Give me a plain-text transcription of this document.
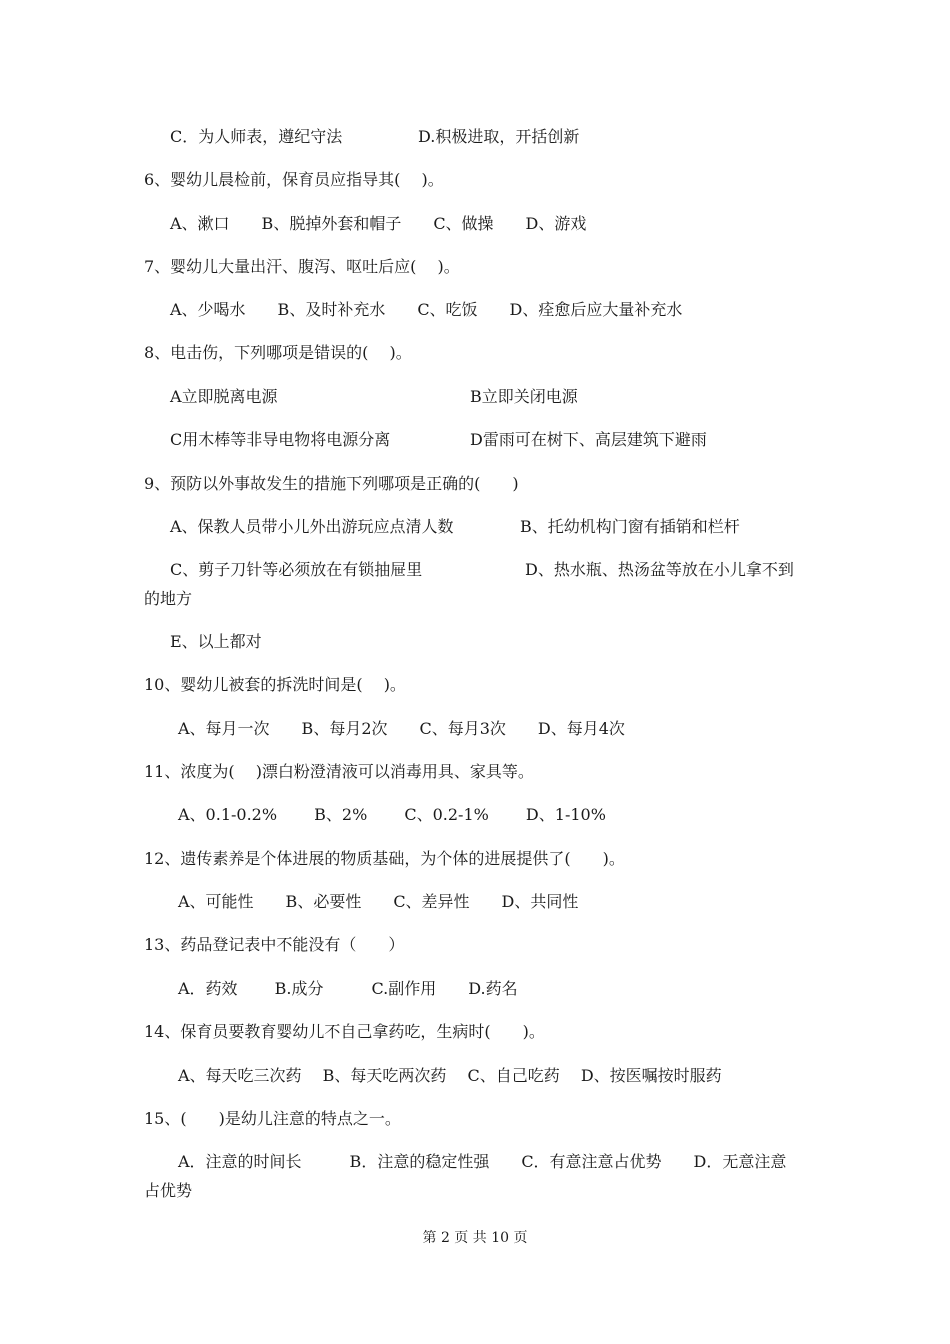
C．为人师表，遵纪守法	D.积极进取，开括创新
6、婴幼儿晨检前，保育员应指导其(　 )。
A、漱口　　B、脱掉外套和帽子　　C、做操　　D、游戏
7、婴幼儿大量出汗、腹泻、呕吐后应(　 )。
A、少喝水　　B、及时补充水　　C、吃饭　　D、痊愈后应大量补充水
8、电击伤，下列哪项是错误的(　 )。
A立即脱离电源	B立即关闭电源
C用木棒等非导电物将电源分离	D雷雨可在树下、高层建筑下避雨
9、预防以外事故发生的措施下列哪项是正确的(　　)
A、保教人员带小儿外出游玩应点清人数	B、托幼机构门窗有插销和栏杆
C、剪子刀针等必须放在有锁抽屉里	D、热水瓶、热汤盆等放在小儿拿不到
的地方
E、以上都对
10、婴幼儿被套的拆洗时间是(　 )。
A、每月一次　　B、每月2次　　C、每月3次　　D、每月4次
11、浓度为(　 )漂白粉澄清液可以消毒用具、家具等。
A、0.1-0.2%　　 B、2%　　 C、0.2-1%　　 D、1-10%
12、遗传素养是个体进展的物质基础，为个体的进展提供了(　　)。
A、可能性　　B、必要性　　C、差异性　　D、共同性
13、药品登记表中不能没有（　　）
A．药效　　 B.成分　　　C.副作用　　D.药名
14、保育员要教育婴幼儿不自己拿药吃，生病时(　　)。
A、每天吃三次药　 B、每天吃两次药　 C、自己吃药　 D、按医嘱按时服药
15、(　　)是幼儿注意的特点之一。
A．注意的时间长　　　B．注意的稳定性强　　C．有意注意占优势　　D．无意注意
占优势
第 2 页 共 10 页
